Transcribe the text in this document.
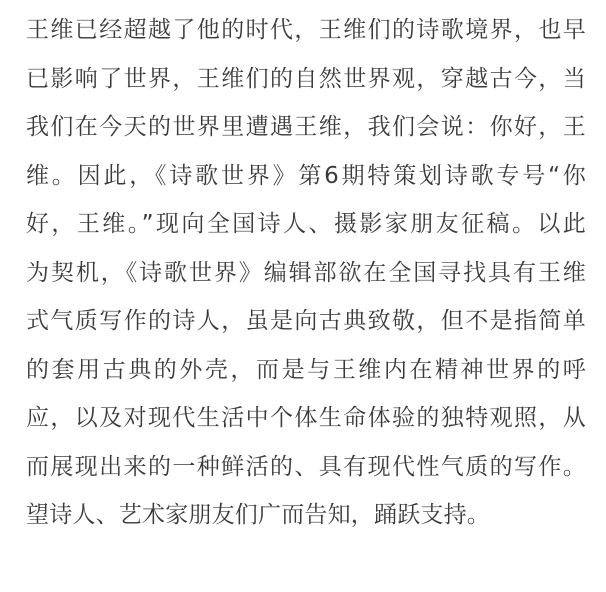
王维已经超越了他的时代，王维们的诗歌境界，也早
已影响了世界，王维们的自然世界观，穿越古今，当
我们在今天的世界里遭遇王维，我们会说：你好，王
维。因此，《诗歌世界》第6期特策划诗歌专号“你
好，王维。”现向全国诗人、摄影家朋友征稿。以此
为契机，《诗歌世界》编辑部欲在全国寻找具有王维
式气质写作的诗人，虽是向古典致敬，但不是指简单
的套用古典的外壳，而是与王维内在精神世界的呼
应，以及对现代生活中个体生命体验的独特观照，从
而展现出来的一种鲜活的、具有现代性气质的写作。
望诗人、艺术家朋友们广而告知，踊跃支持。
